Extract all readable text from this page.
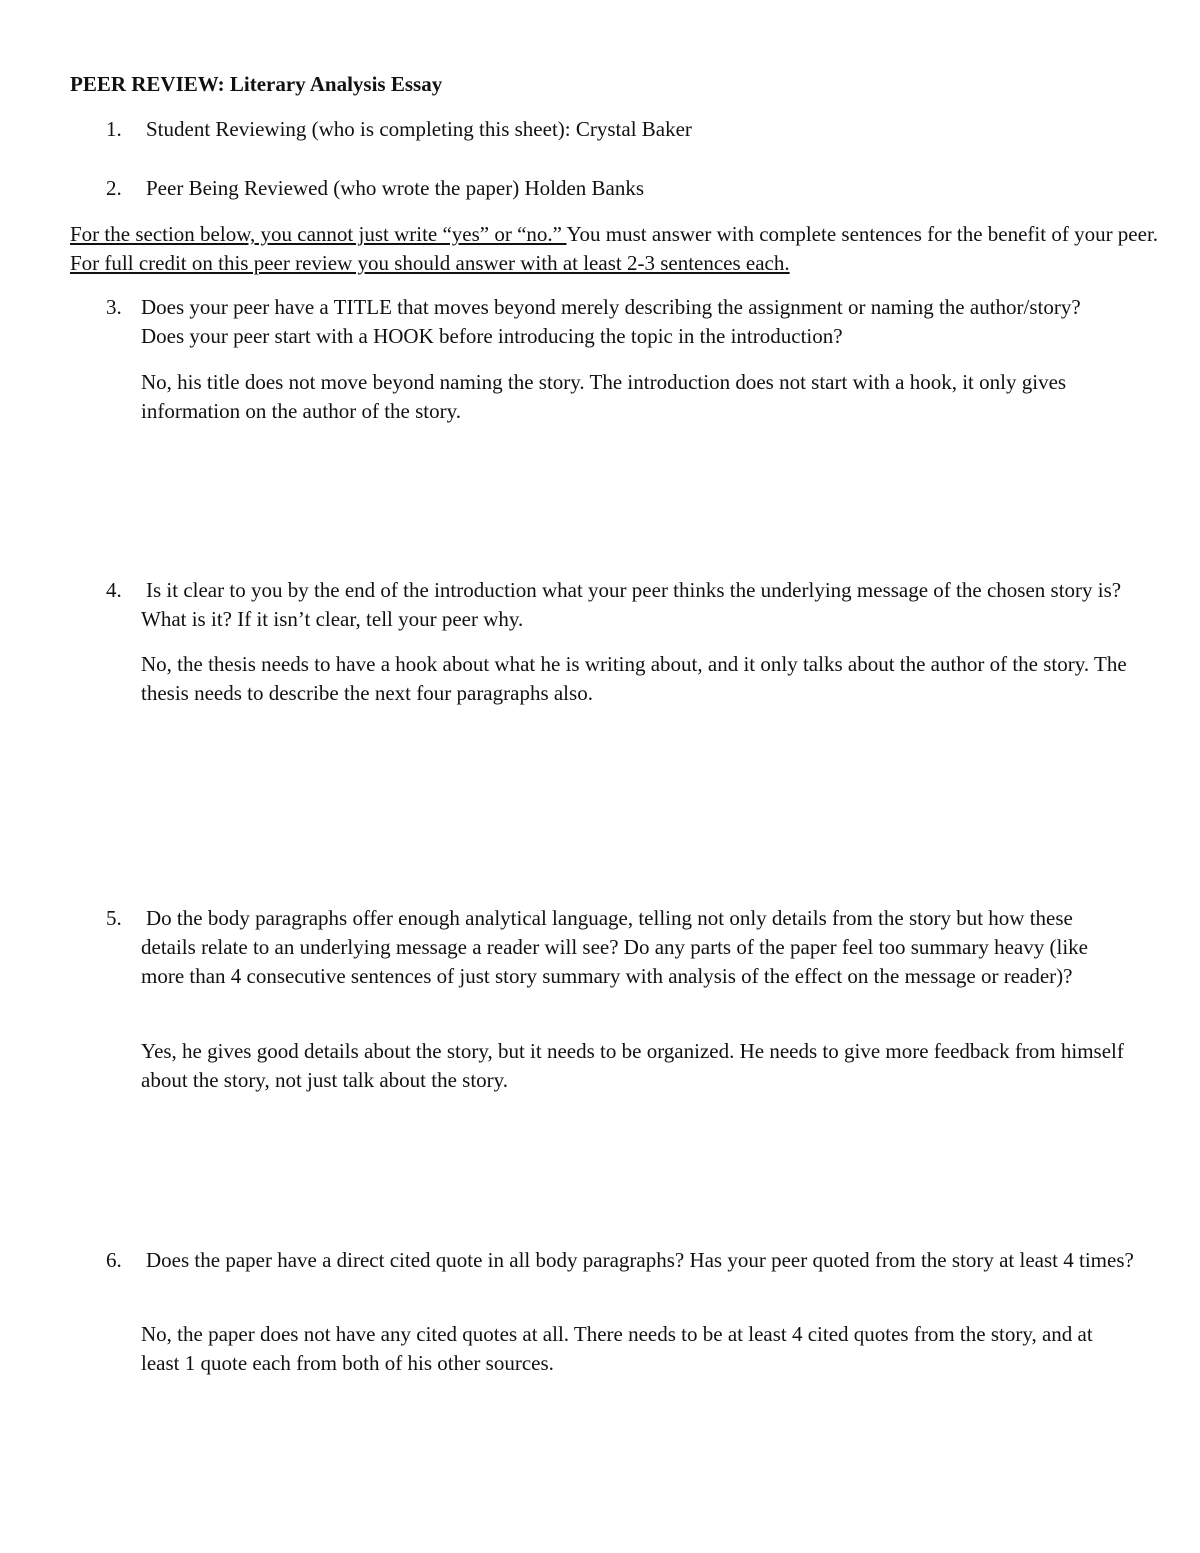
PEER REVIEW: Literary Analysis Essay
1. Student Reviewing (who is completing this sheet): Crystal Baker
2. Peer Being Reviewed (who wrote the paper) Holden Banks
For the section below, you cannot just write “yes” or “no.” You must answer with complete sentences for the benefit of your peer. For full credit on this peer review you should answer with at least 2-3 sentences each.
3. Does your peer have a TITLE that moves beyond merely describing the assignment or naming the author/story? Does your peer start with a HOOK before introducing the topic in the introduction?
No, his title does not move beyond naming the story. The introduction does not start with a hook, it only gives information on the author of the story.
4. Is it clear to you by the end of the introduction what your peer thinks the underlying message of the chosen story is? What is it? If it isn’t clear, tell your peer why.
No, the thesis needs to have a hook about what he is writing about, and it only talks about the author of the story. The thesis needs to describe the next four paragraphs also.
5. Do the body paragraphs offer enough analytical language, telling not only details from the story but how these details relate to an underlying message a reader will see? Do any parts of the paper feel too summary heavy (like more than 4 consecutive sentences of just story summary with analysis of the effect on the message or reader)?
Yes, he gives good details about the story, but it needs to be organized. He needs to give more feedback from himself about the story, not just talk about the story.
6. Does the paper have a direct cited quote in all body paragraphs? Has your peer quoted from the story at least 4 times?
No, the paper does not have any cited quotes at all. There needs to be at least 4 cited quotes from the story, and at least 1 quote each from both of his other sources.
